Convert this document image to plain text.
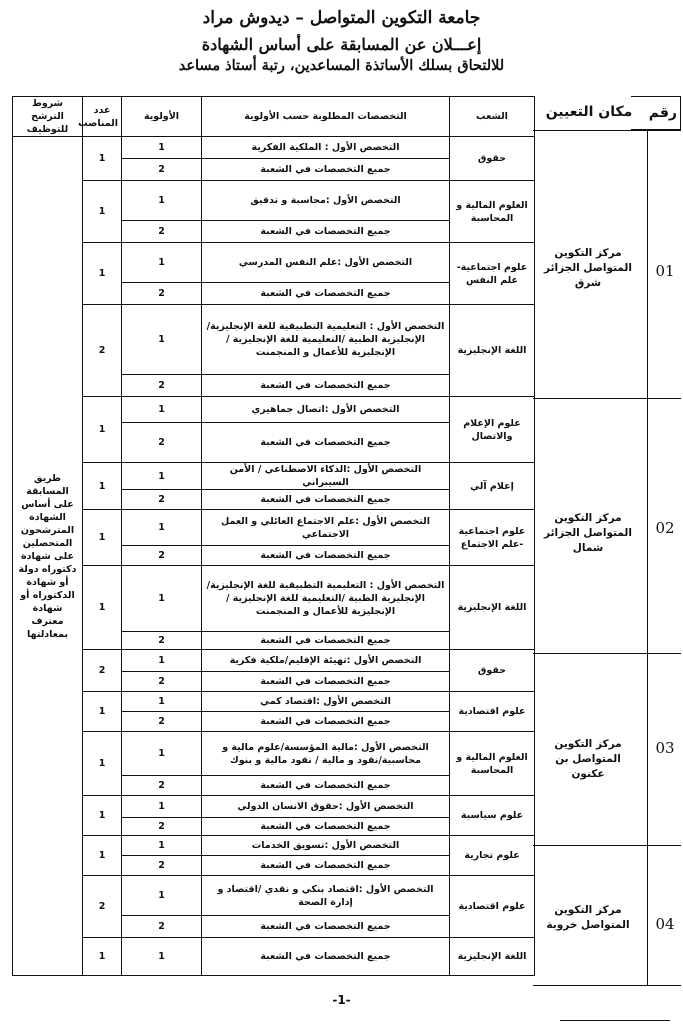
جامعة التكوين المتواصل – ديدوش مراد
إعـــلان عن المسابقة على أساس الشهادة
للالتحاق بسلك الأساتذة المساعدين، رتبة أستاذ مساعد
رقم
مكان التعيين
مركز التكوين المتواصل الجزائر شرق
01
مركز التكوين المتواصل الجزائر شمال
02
مركز التكوين المتواصل بن عكنون
03
مركز التكوين المتواصل خروبة	04
الشعب	التخصصات المطلوبة حسب الأولوية	الأولوية	عدد المناصب	شروط الترشح للتوظيف
حقوق	التخصص الأول : الملكية الفكرية	1	1	طريق المسابقة على أساس الشهادة المترشحون المتحصلين على شهادة دكتوراه دولة أو شهادة الدكتوراه أو شهادة معترف بمعادلتها
	جميع التخصصات في الشعبة	2		
العلوم المالية و المحاسبة	التخصص الأول :محاسبة و تدقيق	1	1	
	جميع التخصصات في الشعبة	2		
علوم اجتماعية- علم النفس	التخصص الأول :علم النفس المدرسي	1	1	
	جميع التخصصات في الشعبة	2		
اللغة الإنجليزية	التخصص الأول : التعليمية التطبيقية للغة الإنجليزية/الإنجليزية الطبية /التعليمية للغة الإنجليزية / الإنجليزية للأعمال و المنجمنت	1	2	
	جميع التخصصات في الشعبة	2		
علوم الإعلام والاتصال	التخصص الأول :اتصال جماهيري	1	1	
	جميع التخصصات في الشعبة	2		
إعلام آلي	التخصص الأول :الذكاء الاصطناعي / الأمن السيبراني	1	1	
	جميع التخصصات في الشعبة	2		
علوم اجتماعية -علم الاجتماع	التخصص الأول :علم الاجتماع العائلي و العمل الاجتماعي	1	1	
	جميع التخصصات في الشعبة	2		
اللغة الإنجليزية	التخصص الأول : التعليمية التطبيقية للغة الإنجليزية/الإنجليزية الطبية /التعليمية للغة الإنجليزية / الإنجليزية للأعمال و المنجمنت	1	1	
	جميع التخصصات في الشعبة	2		
حقوق	التخصص الأول :تهيئة الإقليم/ملكية فكرية	1	2	
	جميع التخصصات في الشعبة	2		
علوم اقتصادية	التخصص الأول :اقتصاد كمي	1	1	
	جميع التخصصات في الشعبة	2		
العلوم المالية و المحاسبة	التخصص الأول :مالية المؤسسة/علوم مالية و محاسبية/نقود و مالية / نقود مالية و بنوك	1	1	
	جميع التخصصات في الشعبة	2		
علوم سياسية	التخصص الأول :حقوق الانسان الدولي	1	1	
	جميع التخصصات في الشعبة	2		
علوم تجارية	التخصص الأول :تسويق الخدمات	1	1	
	جميع التخصصات في الشعبة	2		
علوم اقتصادية	التخصص الأول :اقتصاد بنكي و نقدي /اقتصاد و إدارة الصحة	1	2	
	جميع التخصصات في الشعبة	2		

اللغة الإنجليزية	جميع التخصصات في الشعبة	1	1	
-1-
